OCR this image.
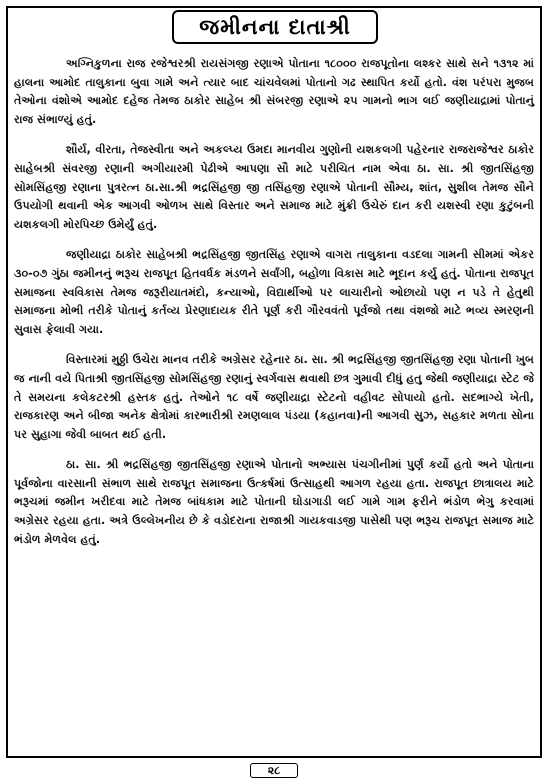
જમીનના દાતાશ્રી

અગ્નિકુળના રાજ રજેશ્વરશ્રી રાયસંગજી રણાએ પોતાના ૧૮૦૦૦ રાજપૂતોના લશ્કર સાથે સને ૧૩૧૨ માં હાલના આમોદ તાલુકાના બુવા ગામે અને ત્યાર બાદ ચાંચવેલમાં પોતાનો ગઢ સ્થાપિત કર્યો હતો. વંશ પરંપરા મુજબ તેઓના વંશોએ આમોદ દહેજ તેમજ ઠાકોર સાહેબ શ્રી સંબરજી રણાએ ૨૫ ગામનો ભાગ લઈ જણીયાદ્રામાં પોતાનું રાજ સંભાળ્યું હતું.

શૌર્ય, વીરતા, તેજસ્વીતા અને અકલ્પ્ય ઉમદા માનવીય ગુણોની યશકલગી પહેરનાર રાજરાજેશ્વર ઠાકોર સાહેબશ્રી સંવરજી રણાની અગીયારમી પેઢીએ આપણા સૌ માટે પરીચિત નામ એવા ઠા. સા. શ્રી જીતસિંહજી સોમસિંહજી રણાના પુત્રરત્ન ઠા.સા.શ્રી ભદ્રસિંહજી જી તસિંહજી રણાએ પોતાની સૌમ્ય, શાંત, સુશીલ તેમજ સૌને ઉપયોગી થવાની એક આગવી ઓળખ સાથે વિસ્તાર અને સમાજ માટે મુંક્રી ઉચેરું દાન કરી યશસ્વી રણા કુટુંબની યશકલગી મોરપિચ્છ ઉમેર્યું હતું.

જણીયાદ્રા ઠાકોર સાહેબશ્રી ભદ્રસિંહજી જીતસિંહ રણાએ વાગરા તાલુકાના વડદલા ગામની સીમમાં એકર ૩૦-૦૭ ગુંઠા જમીનનું ભરૂચ રાજપૂત હિતવર્ધક મંડળને સર્વાંગી, બહોળા વિકાસ માટે ભૂદાન કર્યુ હતું. પોતાના રાજપૂત સમાજના સ્વવિકાસ તેમજ જરૂરીયાતમંદો, કન્યાઓ, વિદ્યાર્થીઓ પર લાચારીનો ઓછાયો પણ ન પડે તે હેતુથી સમાજના મોભી તરીકે પોતાનું કર્તવ્ય પ્રેરણાદાયક રીતે પૂર્ણ કરી ગૌરવવંતો પૂર્વજો તથા વંશજો માટે ભવ્ય સ્મરણની સુવાસ ફેલાવી ગયા.

વિસ્તારમાં મુઠ્ઠી ઉચેરા માનવ તરીકે અગ્રેસર રહેનાર ઠા. સા. શ્રી ભદ્રસિંહજી જીતસિંહજી રણા પોતાની ખુબ જ નાની વયે પિતાશ્રી જીતસિંહજી સોમસિંહજી રણાનું સ્વર્ગવાસ થવાથી છત્ર ગુમાવી દીધું હતુ જેથી જણીયાદ્રા સ્ટેટ જે તે સમયના કલેકટરશ્રી હસ્તક હતું. તેઓને ૧૮ વર્ષે જણીયાદ્રા સ્ટેટનો વહીવટ સોપાયો હતો. સદભાગ્યે ખેતી, રાજકારણ અને બીજા અનેક ક્ષેત્રોમાં કારભારીશ્રી રમણલાલ પંડયા (કહાનવા)ની આગવી સુઝ, સહકાર મળતા સોના પર સુહાગા જેવી બાબત થઈ હતી.

ઠા. સા. શ્રી ભદ્રસિંહજી જીતસિંહજી રણાએ પોતાનો અભ્યાસ પંચગીનીમાં પુર્ણ કર્યો હતો અને પોતાના પૂર્વજોના વારસાની સંભાળ સાથે રાજપૂત સમાજના ઉત્કર્ષમાં ઉત્સાહથી આગળ રહયા હતા. રાજપૂત છાત્રાલય માટે ભરૂચમાં જમીન ખરીદવા માટે તેમજ બાંધકામ માટે પોતાની ઘોડાગાડી લઈ ગામે ગામ ફરીને ભંડોળ ભેગુ કરવામાં અગ્રેસર રહયા હતા. અત્રે ઉલ્લેખનીય છે કે વડોદરાના રાજાશ્રી ગાયકવાડજી પાસેથી પણ ભરૂચ રાજપૂત સમાજ માટે ભંડોળ મેળવેલ હતું.

૨૮
